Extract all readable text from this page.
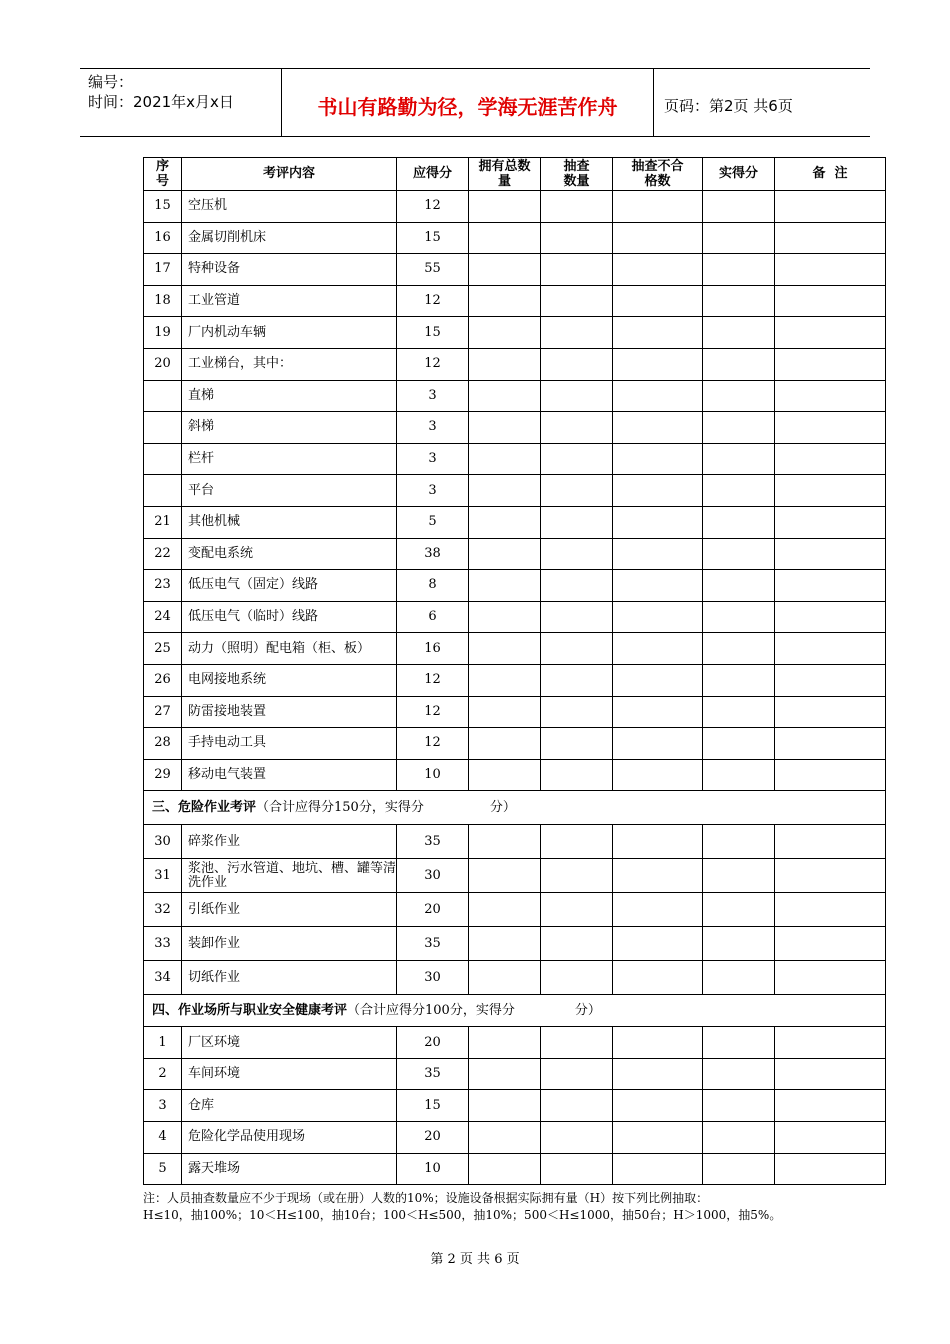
编号：
时间：2021年x月x日	书山有路勤为径，学海无涯苦作舟	页码：第2页 共6页
序号	考评内容	应得分	拥有总数量	抽查数量	抽查不合格数	实得分	备  注
15	空压机	12					
16	金属切削机床	15					
17	特种设备	55					
18	工业管道	12					
19	厂内机动车辆	15					
20	工业梯台，其中：	12					
	直梯	3					
	斜梯	3					
	栏杆	3					
	平台	3					
21	其他机械	5					
22	变配电系统	38					
23	低压电气（固定）线路	8					
24	低压电气（临时）线路	6					
25	动力（照明）配电箱（柜、板）	16					
26	电网接地系统	12					
27	防雷接地装置	12					
28	手持电动工具	12					
29	移动电气装置	10					
三、危险作业考评（合计应得分150分，实得分 分）							
30	碎浆作业	35					
31	浆池、污水管道、地坑、槽、罐等清洗作业	30					
32	引纸作业	20					
33	装卸作业	35					
34	切纸作业	30					
四、作业场所与职业安全健康考评（合计应得分100分，实得分 分）							
1	厂区环境	20					
2	车间环境	35					
3	仓库	15					
4	危险化学品使用现场	20					
5	露天堆场	10					
注：人员抽查数量应不少于现场（或在册）人数的10%；设施设备根据实际拥有量（H）按下列比例抽取：
H≤10，抽100%；10＜H≤100，抽10台；100＜H≤500，抽10%；500＜H≤1000，抽50台；H＞1000，抽5%。
第 2 页 共 6 页
